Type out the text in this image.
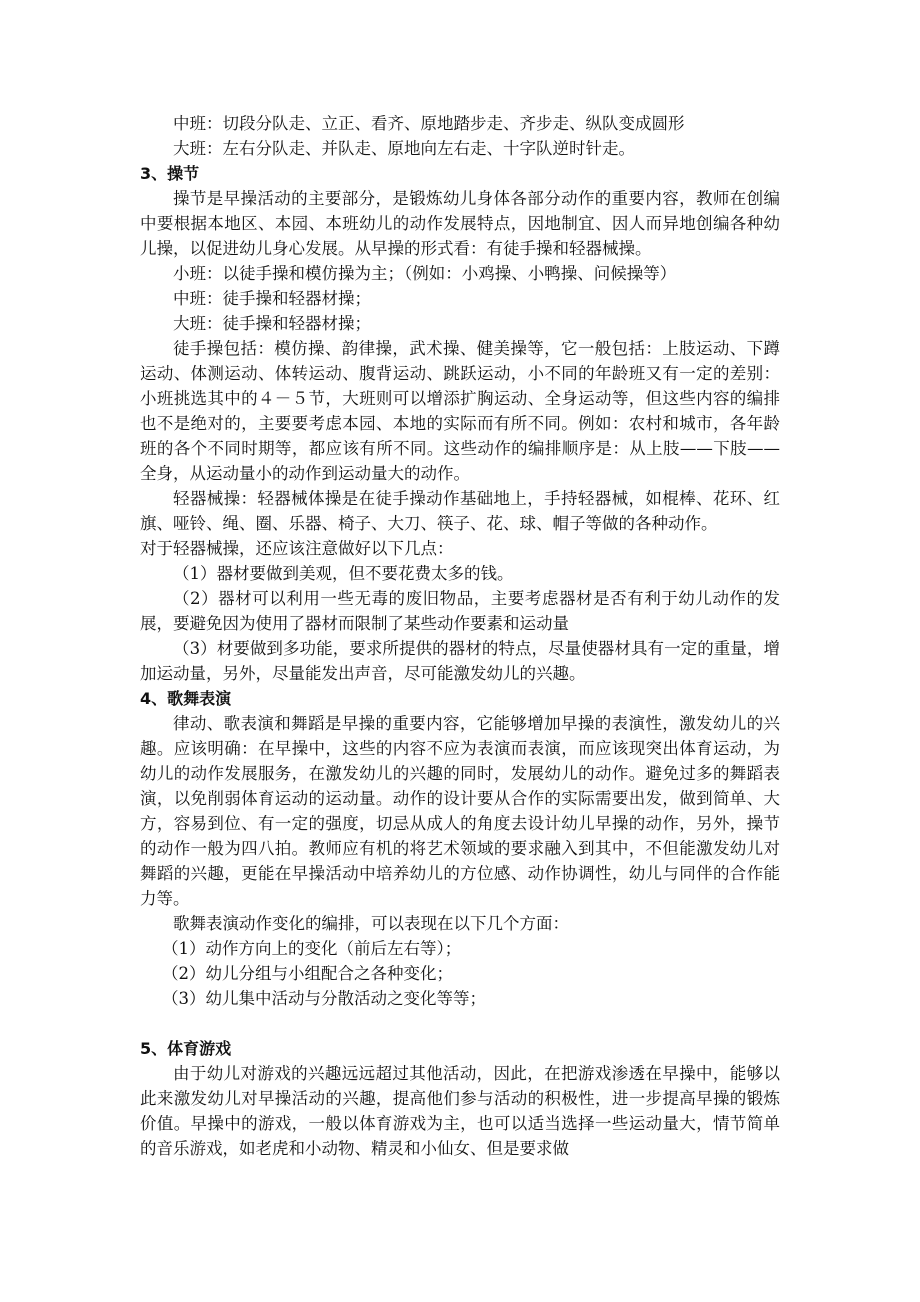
中班：切段分队走、立正、看齐、原地踏步走、齐步走、纵队变成圆形

大班：左右分队走、并队走、原地向左右走、十字队逆时针走。

3、操节

操节是早操活动的主要部分，是锻炼幼儿身体各部分动作的重要内容，教师在创编中要根据本地区、本园、本班幼儿的动作发展特点，因地制宜、因人而异地创编各种幼儿操，以促进幼儿身心发展。从早操的形式看：有徒手操和轻器械操。

小班：以徒手操和模仿操为主；（例如：小鸡操、小鸭操、问候操等）

中班：徒手操和轻器材操；

大班：徒手操和轻器材操；

徒手操包括：模仿操、韵律操，武术操、健美操等，它一般包括：上肢运动、下蹲运动、体测运动、体转运动、腹背运动、跳跃运动，小不同的年龄班又有一定的差别：小班挑选其中的４－５节，大班则可以增添扩胸运动、全身运动等，但这些内容的编排也不是绝对的，主要要考虑本园、本地的实际而有所不同。例如：农村和城市，各年龄班的各个不同时期等，都应该有所不同。这些动作的编排顺序是：从上肢——下肢——全身，从运动量小的动作到运动量大的动作。

轻器械操：轻器械体操是在徒手操动作基础地上，手持轻器械，如棍棒、花环、红旗、哑铃、绳、圈、乐器、椅子、大刀、筷子、花、球、帽子等做的各种动作。

对于轻器械操，还应该注意做好以下几点：

（1）器材要做到美观，但不要花费太多的钱。

（2）器材可以利用一些无毒的废旧物品，主要考虑器材是否有利于幼儿动作的发展，要避免因为使用了器材而限制了某些动作要素和运动量

（3）材要做到多功能，要求所提供的器材的特点，尽量使器材具有一定的重量，增加运动量，另外，尽量能发出声音，尽可能激发幼儿的兴趣。

4、歌舞表演

律动、歌表演和舞蹈是早操的重要内容，它能够增加早操的表演性，激发幼儿的兴趣。应该明确：在早操中，这些的内容不应为表演而表演，而应该现突出体育运动，为幼儿的动作发展服务，在激发幼儿的兴趣的同时，发展幼儿的动作。避免过多的舞蹈表演，以免削弱体育运动的运动量。动作的设计要从合作的实际需要出发，做到简单、大方，容易到位、有一定的强度，切忌从成人的角度去设计幼儿早操的动作，另外，操节的动作一般为四八拍。教师应有机的将艺术领域的要求融入到其中，不但能激发幼儿对舞蹈的兴趣，更能在早操活动中培养幼儿的方位感、动作协调性，幼儿与同伴的合作能力等。

歌舞表演动作变化的编排，可以表现在以下几个方面：

（1）动作方向上的变化（前后左右等）；

（2）幼儿分组与小组配合之各种变化；

（3）幼儿集中活动与分散活动之变化等等；

5、体育游戏

由于幼儿对游戏的兴趣远远超过其他活动，因此，在把游戏渗透在早操中，能够以此来激发幼儿对早操活动的兴趣，提高他们参与活动的积极性，进一步提高早操的锻炼价值。早操中的游戏，一般以体育游戏为主，也可以适当选择一些运动量大，情节简单的音乐游戏，如老虎和小动物、精灵和小仙女、但是要求做
